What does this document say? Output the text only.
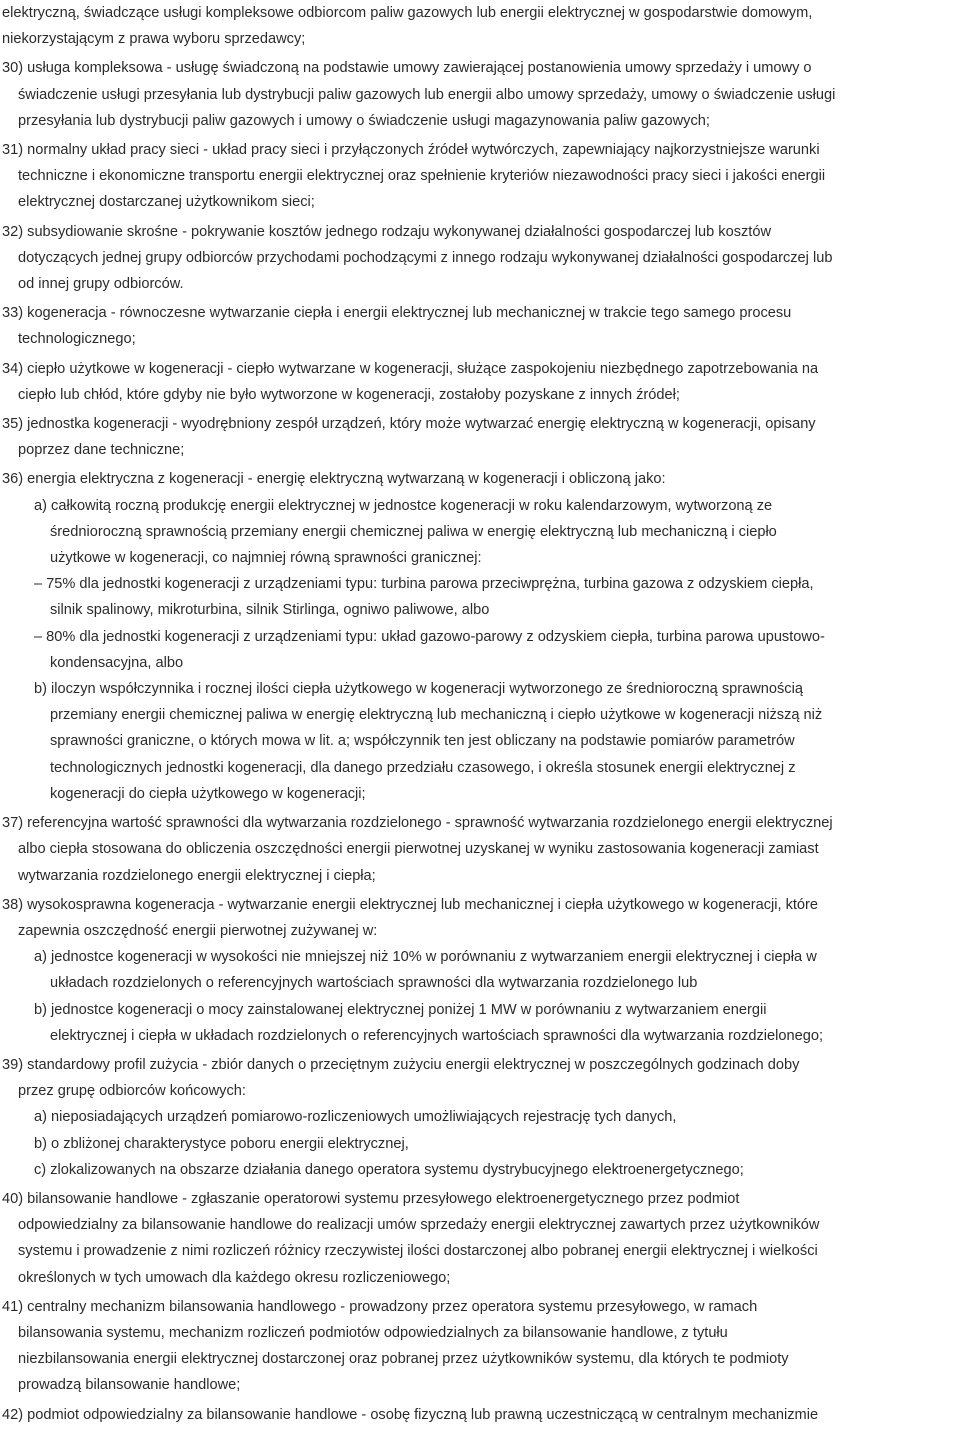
elektryczną, świadczące usługi kompleksowe odbiorcom paliw gazowych lub energii elektrycznej w gospodarstwie domowym,
niekorzystającym z prawa wyboru sprzedawcy;
30) usługa kompleksowa - usługę świadczoną na podstawie umowy zawierającej postanowienia umowy sprzedaży i umowy o
świadczenie usługi przesyłania lub dystrybucji paliw gazowych lub energii albo umowy sprzedaży, umowy o świadczenie usługi
przesyłania lub dystrybucji paliw gazowych i umowy o świadczenie usługi magazynowania paliw gazowych;
31) normalny układ pracy sieci - układ pracy sieci i przyłączonych źródeł wytwórczych, zapewniający najkorzystniejsze warunki
techniczne i ekonomiczne transportu energii elektrycznej oraz spełnienie kryteriów niezawodności pracy sieci i jakości energii
elektrycznej dostarczanej użytkownikom sieci;
32) subsydiowanie skrośne - pokrywanie kosztów jednego rodzaju wykonywanej działalności gospodarczej lub kosztów
dotyczących jednej grupy odbiorców przychodami pochodzącymi z innego rodzaju wykonywanej działalności gospodarczej lub
od innej grupy odbiorców.
33) kogeneracja - równoczesne wytwarzanie ciepła i energii elektrycznej lub mechanicznej w trakcie tego samego procesu
technologicznego;
34) ciepło użytkowe w kogeneracji - ciepło wytwarzane w kogeneracji, służące zaspokojeniu niezbędnego zapotrzebowania na
ciepło lub chłód, które gdyby nie było wytworzone w kogeneracji, zostałoby pozyskane z innych źródeł;
35) jednostka kogeneracji - wyodrębniony zespół urządzeń, który może wytwarzać energię elektryczną w kogeneracji, opisany
poprzez dane techniczne;
36) energia elektryczna z kogeneracji - energię elektryczną wytwarzaną w kogeneracji i obliczoną jako:
a) całkowitą roczną produkcję energii elektrycznej w jednostce kogeneracji w roku kalendarzowym, wytworzoną ze
średnioroczną sprawnością przemiany energii chemicznej paliwa w energię elektryczną lub mechaniczną i ciepło
użytkowe w kogeneracji, co najmniej równą sprawności granicznej:
– 75% dla jednostki kogeneracji z urządzeniami typu: turbina parowa przeciwprężna, turbina gazowa z odzyskiem ciepła,
silnik spalinowy, mikroturbina, silnik Stirlinga, ogniwo paliwowe, albo
– 80% dla jednostki kogeneracji z urządzeniami typu: układ gazowo-parowy z odzyskiem ciepła, turbina parowa upustowo-
kondensacyjna, albo
b) iloczyn współczynnika i rocznej ilości ciepła użytkowego w kogeneracji wytworzonego ze średnioroczną sprawnością
przemiany energii chemicznej paliwa w energię elektryczną lub mechaniczną i ciepło użytkowe w kogeneracji niższą niż
sprawności graniczne, o których mowa w lit. a; współczynnik ten jest obliczany na podstawie pomiarów parametrów
technologicznych jednostki kogeneracji, dla danego przedziału czasowego, i określa stosunek energii elektrycznej z
kogeneracji do ciepła użytkowego w kogeneracji;
37) referencyjna wartość sprawności dla wytwarzania rozdzielonego - sprawność wytwarzania rozdzielonego energii elektrycznej
albo ciepła stosowana do obliczenia oszczędności energii pierwotnej uzyskanej w wyniku zastosowania kogeneracji zamiast
wytwarzania rozdzielonego energii elektrycznej i ciepła;
38) wysokosprawna kogeneracja - wytwarzanie energii elektrycznej lub mechanicznej i ciepła użytkowego w kogeneracji, które
zapewnia oszczędność energii pierwotnej zużywanej w:
a) jednostce kogeneracji w wysokości nie mniejszej niż 10% w porównaniu z wytwarzaniem energii elektrycznej i ciepła w
układach rozdzielonych o referencyjnych wartościach sprawności dla wytwarzania rozdzielonego lub
b) jednostce kogeneracji o mocy zainstalowanej elektrycznej poniżej 1 MW w porównaniu z wytwarzaniem energii
elektrycznej i ciepła w układach rozdzielonych o referencyjnych wartościach sprawności dla wytwarzania rozdzielonego;
39) standardowy profil zużycia - zbiór danych o przeciętnym zużyciu energii elektrycznej w poszczególnych godzinach doby
przez grupę odbiorców końcowych:
a) nieposiadających urządzeń pomiarowo-rozliczeniowych umożliwiających rejestrację tych danych,
b) o zbliżonej charakterystyce poboru energii elektrycznej,
c) zlokalizowanych na obszarze działania danego operatora systemu dystrybucyjnego elektroenergetycznego;
40) bilansowanie handlowe - zgłaszanie operatorowi systemu przesyłowego elektroenergetycznego przez podmiot
odpowiedzialny za bilansowanie handlowe do realizacji umów sprzedaży energii elektrycznej zawartych przez użytkowników
systemu i prowadzenie z nimi rozliczeń różnicy rzeczywistej ilości dostarczonej albo pobranej energii elektrycznej i wielkości
określonych w tych umowach dla każdego okresu rozliczeniowego;
41) centralny mechanizm bilansowania handlowego - prowadzony przez operatora systemu przesyłowego, w ramach
bilansowania systemu, mechanizm rozliczeń podmiotów odpowiedzialnych za bilansowanie handlowe, z tytułu
niezbilansowania energii elektrycznej dostarczonej oraz pobranej przez użytkowników systemu, dla których te podmioty
prowadzą bilansowanie handlowe;
42) podmiot odpowiedzialny za bilansowanie handlowe - osobę fizyczną lub prawną uczestniczącą w centralnym mechanizmie
